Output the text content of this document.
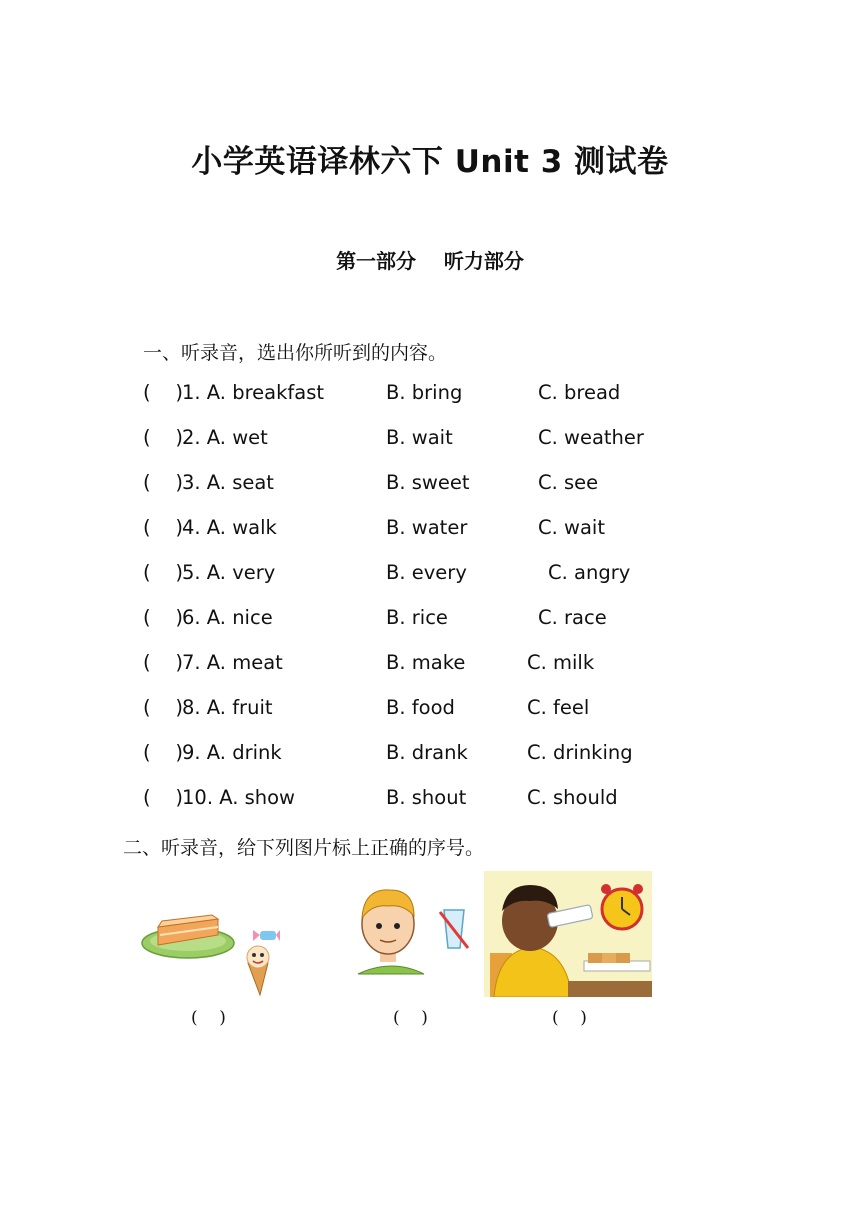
小学英语译林六下 Unit 3 测试卷
第一部分    听力部分
一、听录音，选出你所听到的内容。
(    )
1. A. breakfast	B. bring	C. bread
(    )
2. A. wet	B. wait	C. weather
(    )
3. A. seat	B. sweet	C. see
(    )
4. A. walk	B. water	C. wait
(    )
5. A. very	B. every	C. angry
(    )
6. A. nice	B. rice	C. race
(    )
7. A. meat	B. make	C. milk
(    )
8. A. fruit	B. food	C. feel
(    )
9. A. drink	B. drank	C. drinking
(    )
10. A. show	B. shout	C. should
二、听录音，给下列图片标上正确的序号。
(    )	(    )	(    )
